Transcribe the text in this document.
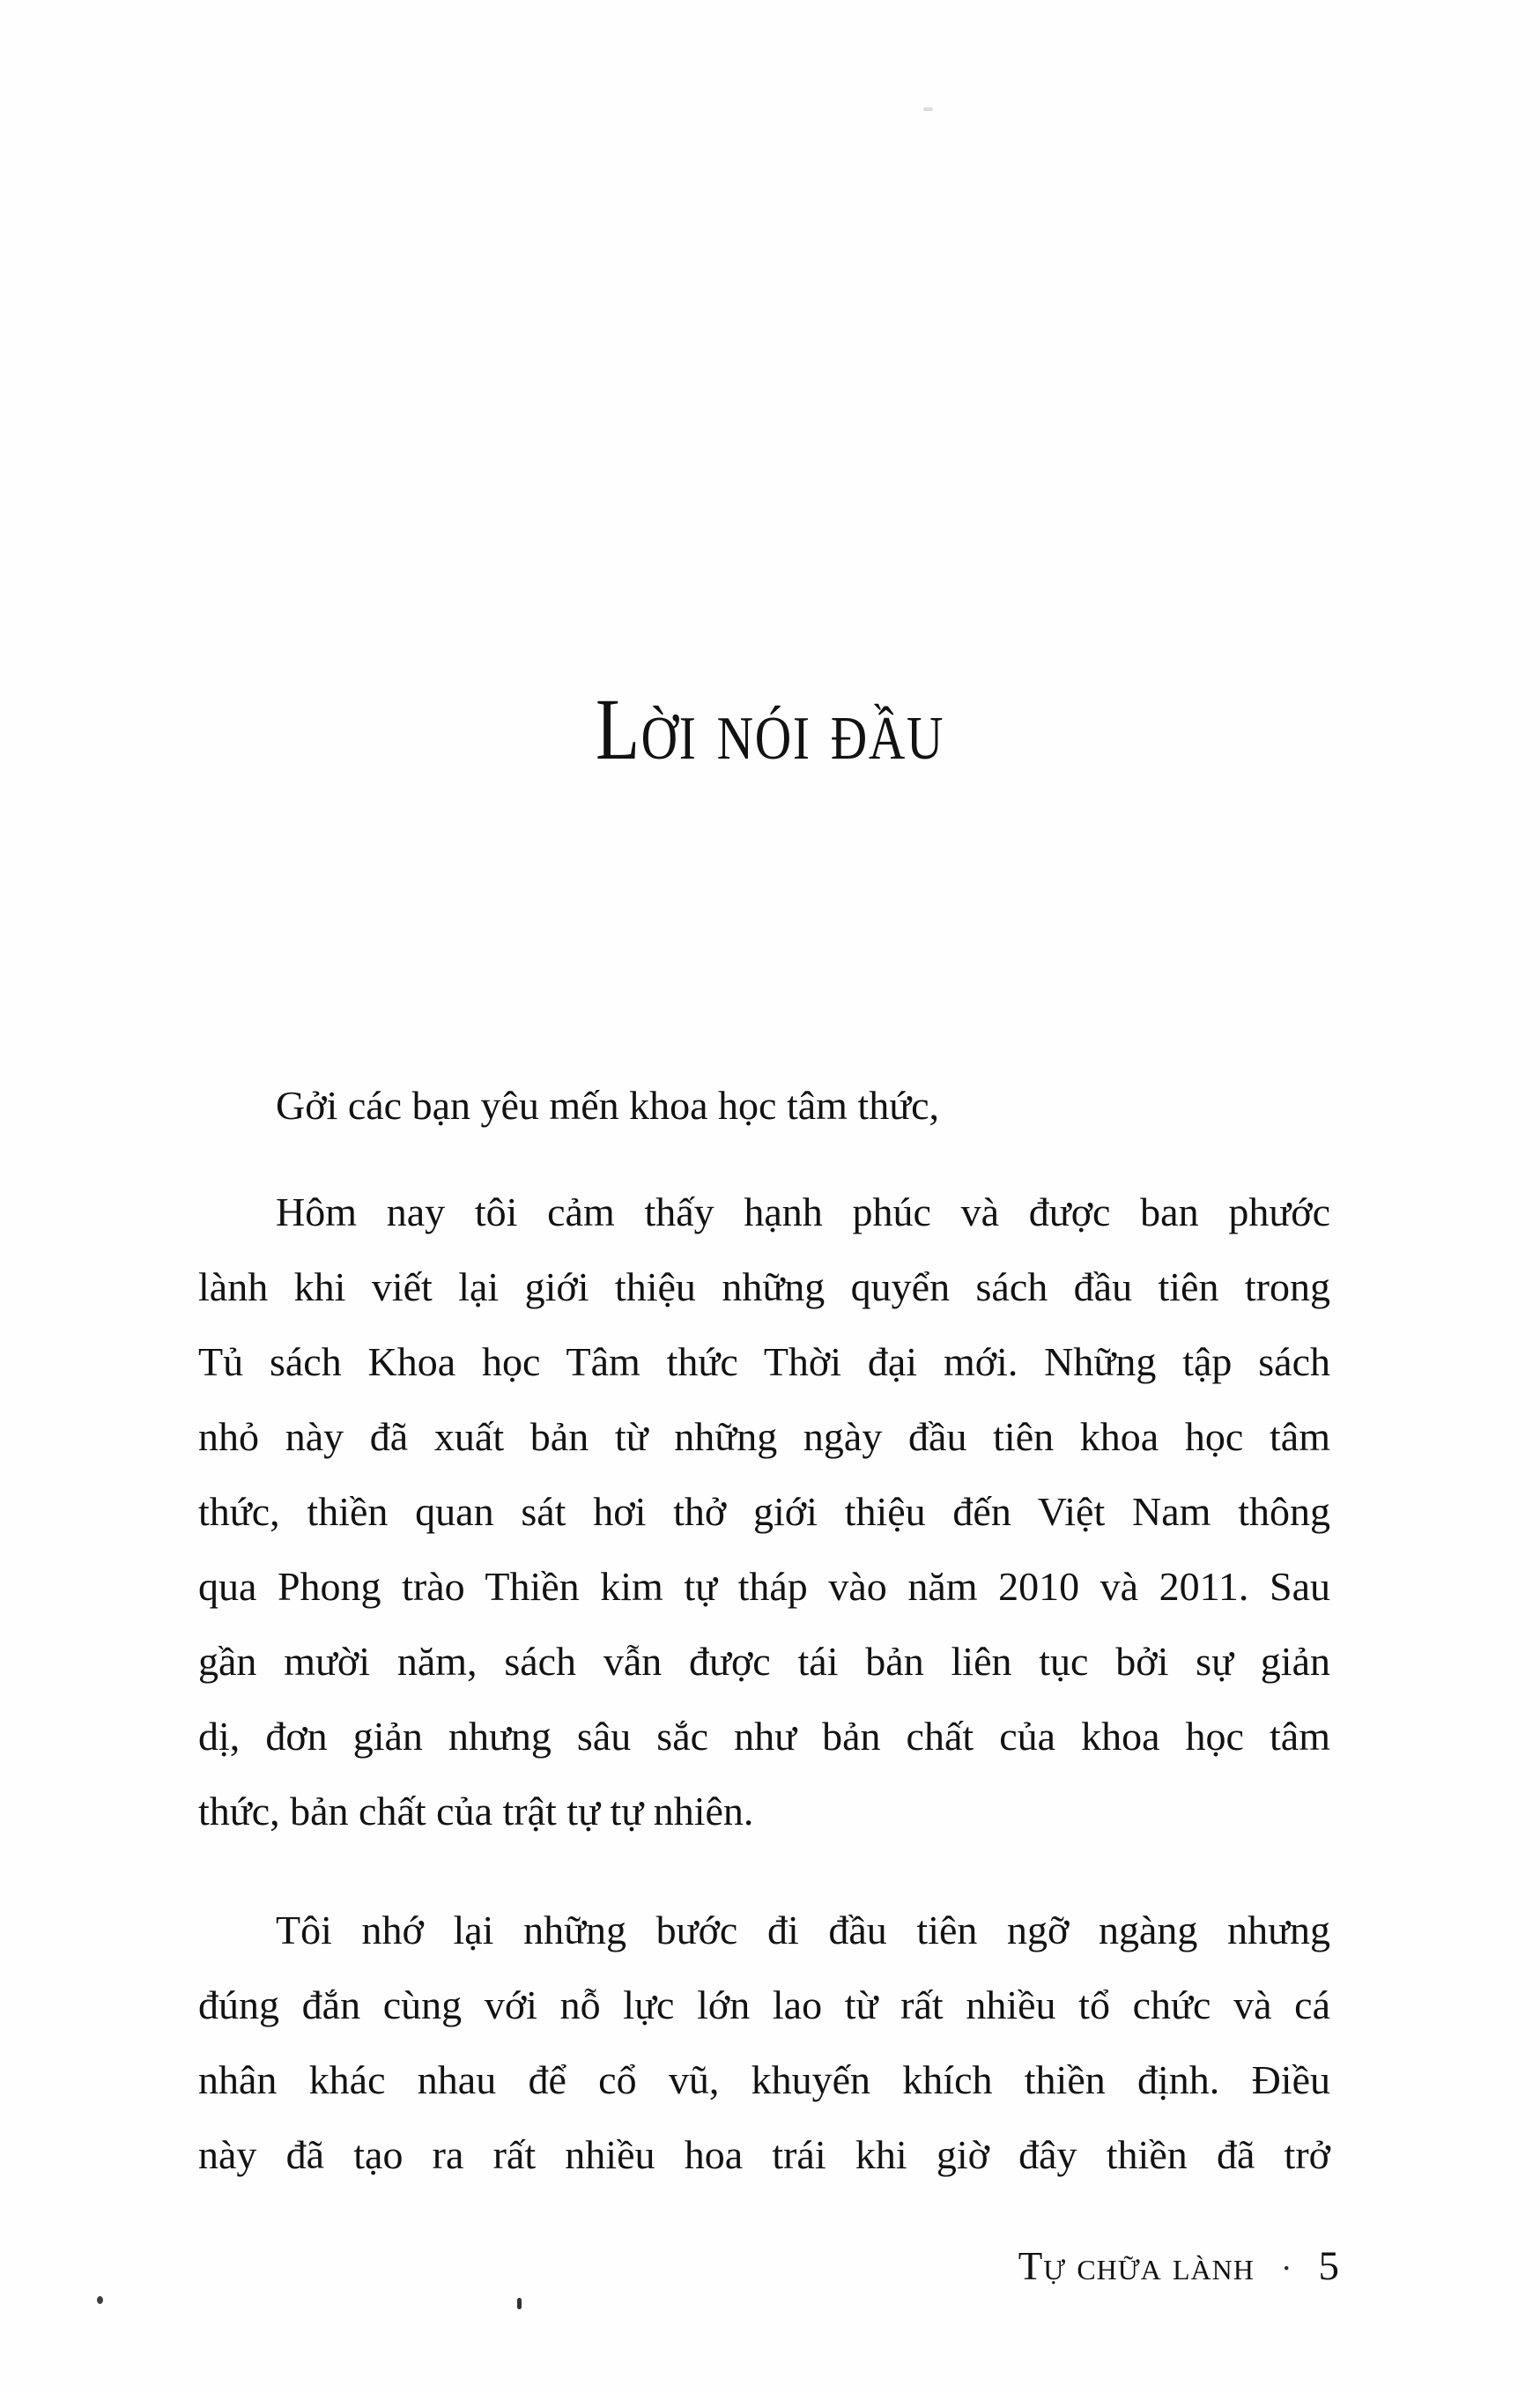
Lời nói đầu
Gởi các bạn yêu mến khoa học tâm thức,
Hôm nay tôi cảm thấy hạnh phúc và được ban phước
lành khi viết lại giới thiệu những quyển sách đầu tiên trong
Tủ sách Khoa học Tâm thức Thời đại mới. Những tập sách
nhỏ này đã xuất bản từ những ngày đầu tiên khoa học tâm
thức, thiền quan sát hơi thở giới thiệu đến Việt Nam thông
qua Phong trào Thiền kim tự tháp vào năm 2010 và 2011. Sau
gần mười năm, sách vẫn được tái bản liên tục bởi sự giản
dị, đơn giản nhưng sâu sắc như bản chất của khoa học tâm
thức, bản chất của trật tự tự nhiên.
Tôi nhớ lại những bước đi đầu tiên ngỡ ngàng nhưng
đúng đắn cùng với nỗ lực lớn lao từ rất nhiều tổ chức và cá
nhân khác nhau để cổ vũ, khuyến khích thiền định. Điều
này đã tạo ra rất nhiều hoa trái khi giờ đây thiền đã trở
Tự chữa lành · 5
